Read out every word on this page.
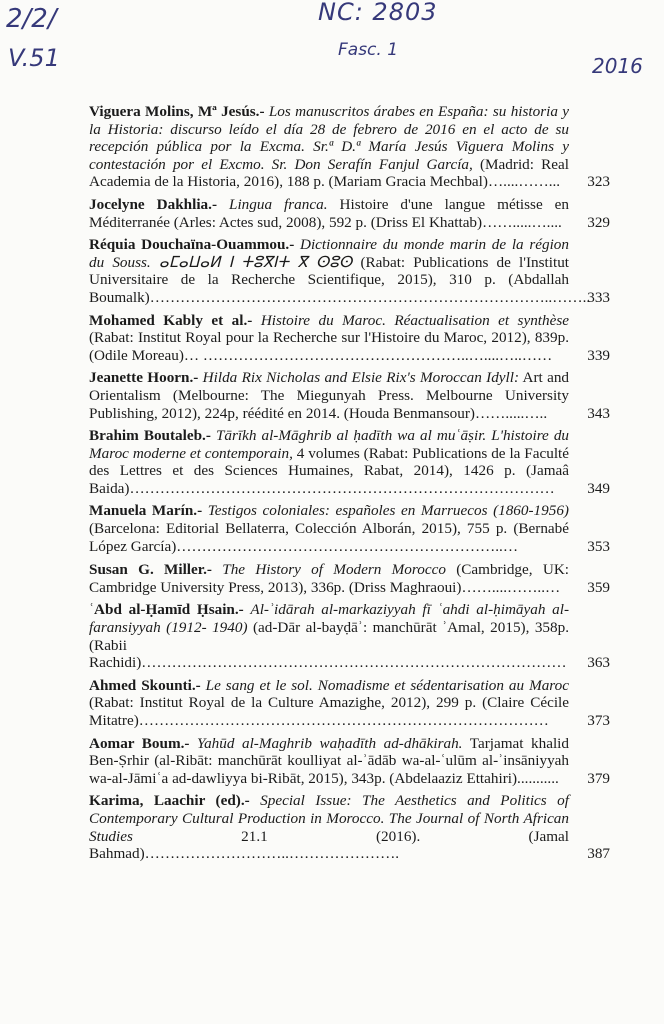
2/2/	NC: 2803
V.51	Fasc. 1
2016
Viguera Molins, Mª Jesús.- Los manuscritos árabes en España: su historia y la Historia: discurso leído el día 28 de febrero de 2016 en el acto de su recepción pública por la Excma. Sr.ª D.ª María Jesús Viguera Molins y contestación por el Excmo. Sr. Don Serafín Fanjul García, (Madrid: Real Academia de la Historia, 2016), 188 p. (Mariam Gracia Mechbal)…....……... 323
Jocelyne Dakhlia.- Lingua franca. Histoire d'une langue métisse en Méditerranée (Arles: Actes sud, 2008), 592 p. (Driss El Khattab)…….....….... 329
Réquia Douchaïna-Ouammou.- Dictionnaire du monde marin de la région du Souss. ⴰⵎⴰⵡⴰⵍ ⵏ ⵜⵓⴳⵏⵜ ⴳ ⵙⵓⵙ (Rabat: Publications de l'Institut Universitaire de la Recherche Scientifique, 2015), 310 p. (Abdallah Boumalk)……………………………………………………………………..……..
333
Mohamed Kably et al.- Histoire du Maroc. Réactualisation et synthèse (Rabat: Institut Royal pour la Recherche sur l'Histoire du Maroc, 2012), 839p. (Odile Moreau)… ……………………………………………..…....…..…… 339
Jeanette Hoorn.- Hilda Rix Nicholas and Elsie Rix's Moroccan Idyll: Art and Orientalism (Melbourne: The Miegunyah Press. Melbourne University Publishing, 2012), 224p, réédité en 2014. (Houda Benmansour)…….....…..	343
Brahim Boutaleb.- Tārīkh al-Māghrib al ḥadīth wa al muʿāṣir. L'histoire du Maroc moderne et contemporain, 4 volumes (Rabat: Publications de la Faculté des Lettres et des Sciences Humaines, Rabat, 2014), 1426 p. (Jamaâ Baida)………………………………………………………………………… 349
Manuela Marín.- Testigos coloniales: españoles en Marruecos (1860-1956) (Barcelona: Editorial Bellaterra, Colección Alborán, 2015), 755 p. (Bernabé López García)………………………………………………………..…	353
Susan G. Miller.- The History of Modern Morocco (Cambridge, UK: Cambridge University Press, 2013), 336p. (Driss Maghraoui)……....……..… 359
ʿAbd al-Ḥamīd Ḥsain.- Al-ʾidārah al-markaziyyah fī ʿahdi al-ḥimāyah al-faransiyyah (1912- 1940) (ad-Dār al-bayḍāʾ: manchūrāt ʾAmal, 2015), 358p. (Rabii Rachidi)………………………………………………………………………… 363
Ahmed Skounti.- Le sang et le sol. Nomadisme et sédentarisation au Maroc (Rabat: Institut Royal de la Culture Amazighe, 2012), 299 p. (Claire Cécile Mitatre)………………………………………………………………………	373
Aomar Boum.- Yahūd al-Maghrib waḥadīth ad-dhākirah. Tarjamat khalid Ben-Ṣrhir (al-Ribāt: manchūrāt koulliyat al-ʾādāb wa-al-ʿulūm al-ʾinsāniyyah wa-al-Jāmiʿa ad-dawliyya bi-Ribāt, 2015), 343p. (Abdelaaziz Ettahiri)........... 379
Karima, Laachir (ed).- Special Issue: The Aesthetics and Politics of Contemporary Cultural Production in Morocco. The Journal of North African Studies	21.1 (2016). (Jamal Bahmad)………………………..………………….	387
